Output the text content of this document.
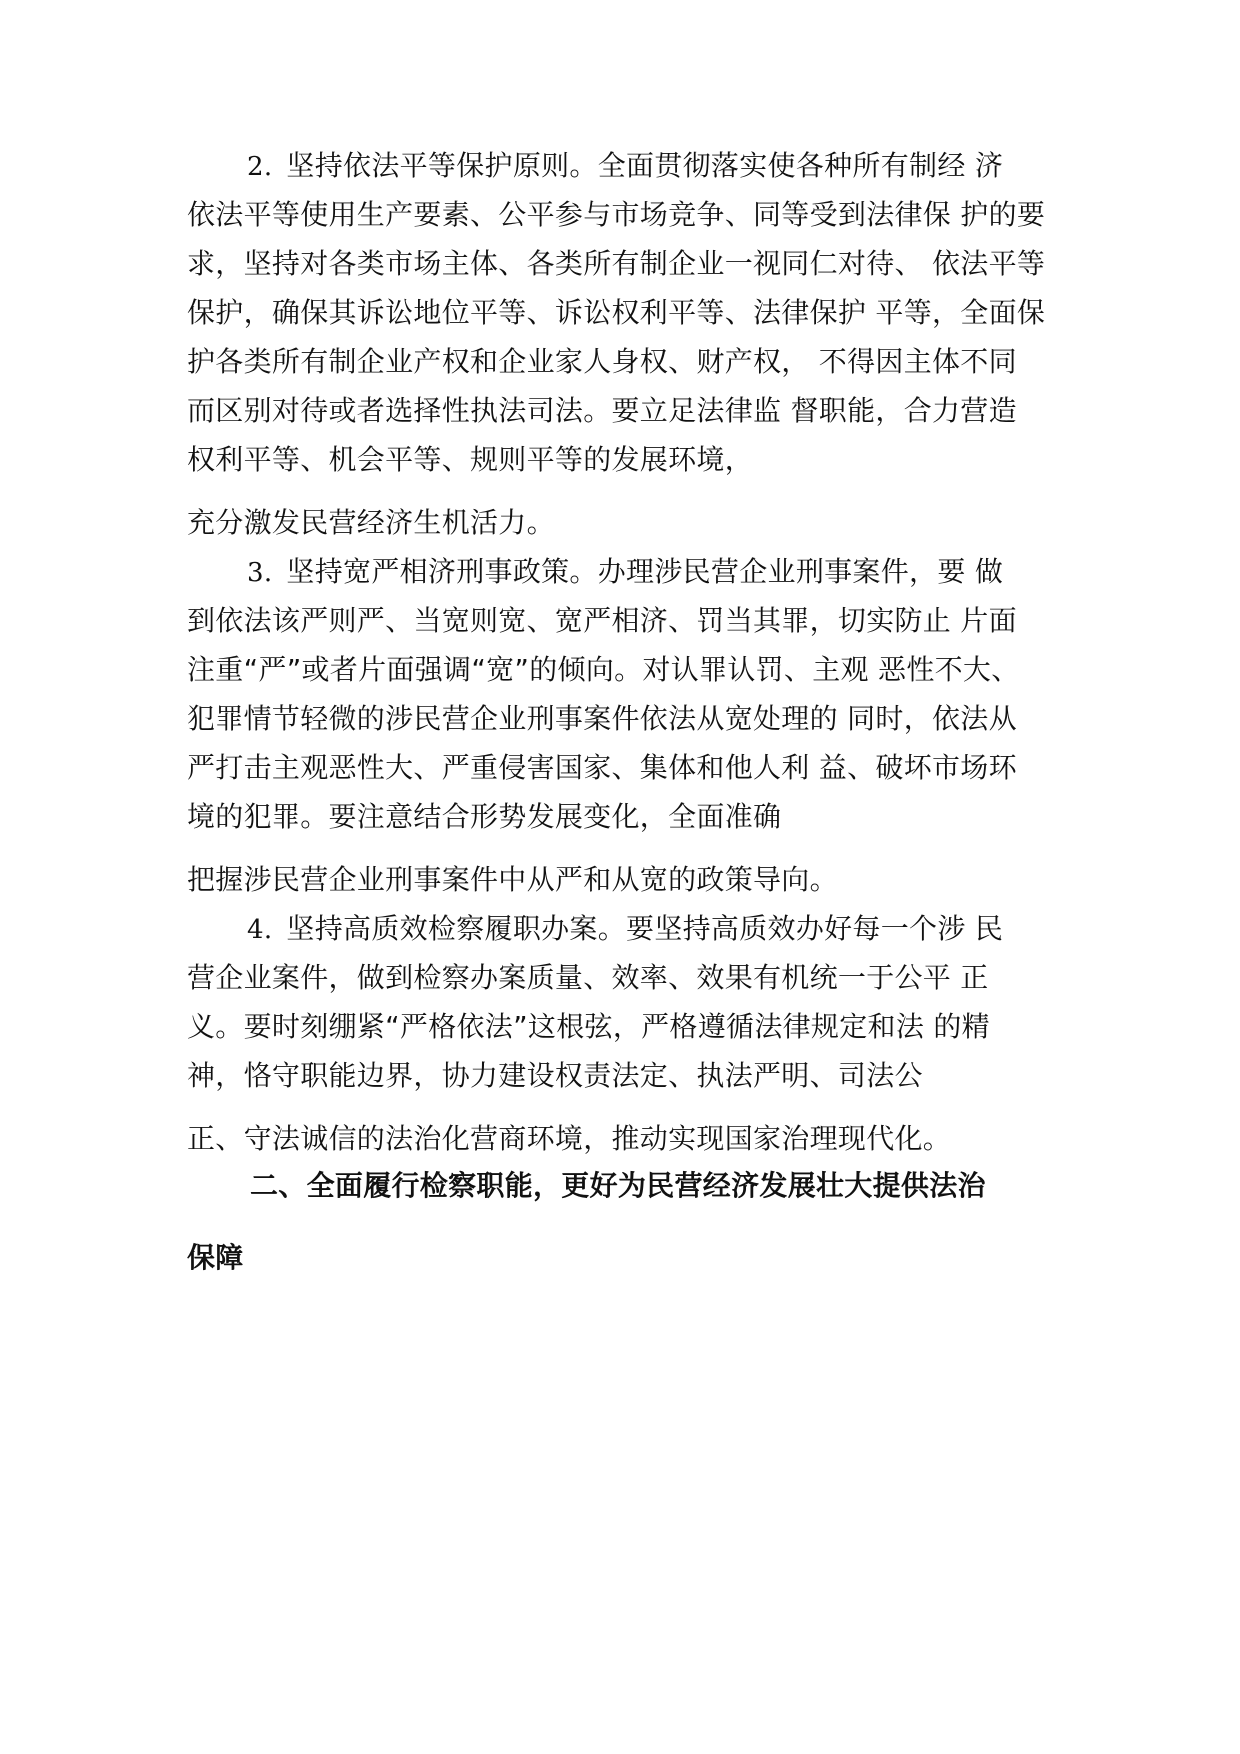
2. 坚持依法平等保护原则。全面贯彻落实使各种所有制经 济
依法平等使用生产要素、公平参与市场竞争、同等受到法律保 护的要
求，坚持对各类市场主体、各类所有制企业一视同仁对待、 依法平等
保护，确保其诉讼地位平等、诉讼权利平等、法律保护 平等，全面保
护各类所有制企业产权和企业家人身权、财产权， 不得因主体不同
而区别对待或者选择性执法司法。要立足法律监 督职能，合力营造
权利平等、机会平等、规则平等的发展环境，
充分激发民营经济生机活力。
3. 坚持宽严相济刑事政策。办理涉民营企业刑事案件，要 做
到依法该严则严、当宽则宽、宽严相济、罚当其罪，切实防止 片面
注重“严”或者片面强调“宽”的倾向。对认罪认罚、主观 恶性不大、
犯罪情节轻微的涉民营企业刑事案件依法从宽处理的 同时，依法从
严打击主观恶性大、严重侵害国家、集体和他人利 益、破坏市场环
境的犯罪。要注意结合形势发展变化，全面准确
把握涉民营企业刑事案件中从严和从宽的政策导向。
4. 坚持高质效检察履职办案。要坚持高质效办好每一个涉 民
营企业案件，做到检察办案质量、效率、效果有机统一于公平 正
义。要时刻绷紧“严格依法”这根弦，严格遵循法律规定和法 的精
神，恪守职能边界，协力建设权责法定、执法严明、司法公
正、守法诚信的法治化营商环境，推动实现国家治理现代化。
二、全面履行检察职能，更好为民营经济发展壮大提供法治
保障
